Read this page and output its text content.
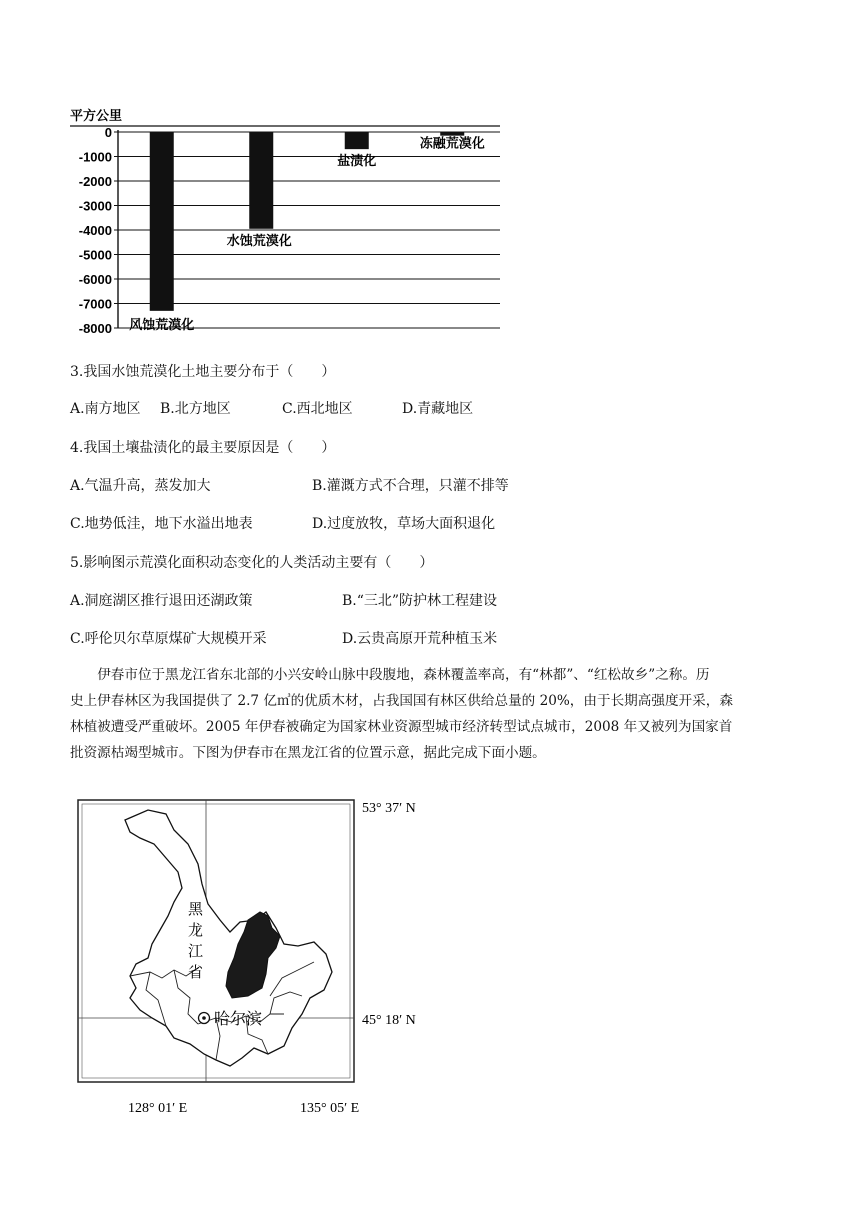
平方公里
0
-1000
-2000
-3000
-4000
-5000
-6000
-7000
-8000 风蚀荒漠化
水蚀荒漠化
盐渍化
冻融荒漠化
3.我国水蚀荒漠化土地主要分布于（　　）
A.南方地区 B.北方地区	C.西北地区	D.青藏地区
4.我国土壤盐渍化的最主要原因是（　　）
A.气温升高，蒸发加大	B.灌溉方式不合理，只灌不排等
C.地势低洼，地下水溢出地表	D.过度放牧，草场大面积退化
5.影响图示荒漠化面积动态变化的人类活动主要有（　　）
A.洞庭湖区推行退田还湖政策	B.“三北”防护林工程建设
C.呼伦贝尔草原煤矿大规模开采	D.云贵高原开荒种植玉米
伊春市位于黑龙江省东北部的小兴安岭山脉中段腹地，森林覆盖率高，有“林都”、“红松故乡”之称。历
史上伊春林区为我国提供了 2.7 亿㎥的优质木材，占我国国有林区供给总量的 20%，由于长期高强度开采，森
林植被遭受严重破坏。2005 年伊春被确定为国家林业资源型城市经济转型试点城市，2008 年又被列为国家首
批资源枯竭型城市。下图为伊春市在黑龙江省的位置示意，据此完成下面小题。
哈尔滨
黑
龙
江
省
53° 37′ N
45° 18′ N
128° 01′ E	135° 05′ E
